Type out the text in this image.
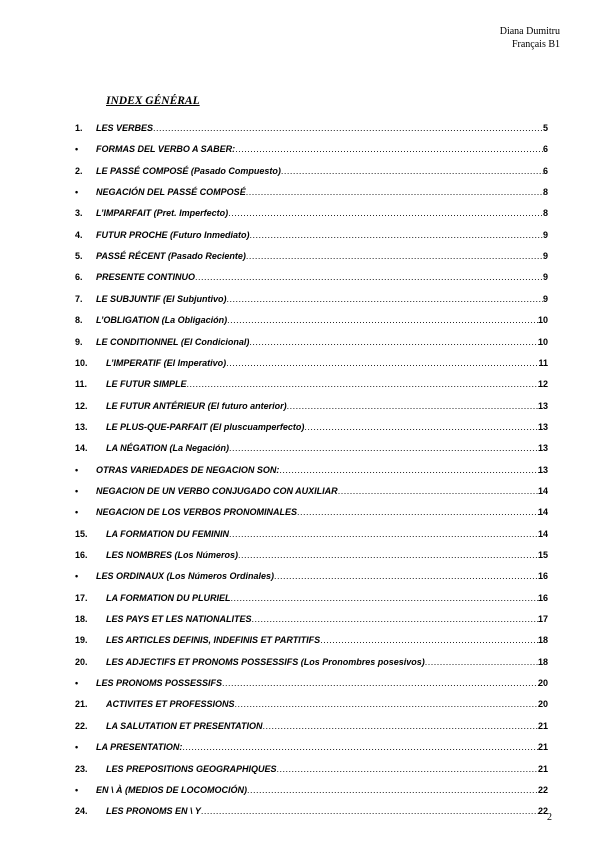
Diana Dumitru
Français B1
INDEX GÉNÉRAL
1. LES VERBES .....	5
• FORMAS DEL VERBO A SABER: .....	6
2. LE PASSÉ COMPOSÉ (Pasado Compuesto) .....	6
• NEGACIÓN DEL PASSÉ COMPOSÉ .....	8
3. L’IMPARFAIT (Pret. Imperfecto) .....	8
4. FUTUR PROCHE (Futuro Inmediato) .....	9
5. PASSÉ RÉCENT (Pasado Reciente) .....	9
6. PRESENTE CONTINUO .....	9
7. LE SUBJUNTIF (El Subjuntivo) .....	9
8. L’OBLIGATION (La Obligación) .....	10
9. LE CONDITIONNEL (El Condicional) .....	10
10. L’IMPERATIF (El Imperativo) .....	11
11. LE FUTUR SIMPLE .....	12
12. LE FUTUR ANTÉRIEUR (El futuro anterior) .....	13
13. LE PLUS-QUE-PARFAIT (El pluscuamperfecto) .....	13
14. LA NÉGATION (La Negación) .....	13
• OTRAS VARIEDADES DE NEGACION SON: .....	13
• NEGACION DE UN VERBO CONJUGADO CON AUXILIAR .....	14
• NEGACION DE LOS VERBOS PRONOMINALES .....	14
15. LA FORMATION DU FEMININ .....	14
16. LES NOMBRES (Los Números) .....	15
• LES ORDINAUX (Los Números Ordinales) .....	16
17. LA FORMATION DU PLURIEL .....	16
18. LES PAYS ET LES NATIONALITES .....	17
19. LES ARTICLES DEFINIS, INDEFINIS ET PARTITIFS .....	18
20. LES ADJECTIFS ET PRONOMS POSSESSIFS (Los Pronombres posesivos) .....	18
• LES PRONOMS POSSESSIFS .....	20
21. ACTIVITES ET PROFESSIONS .....	20
22. LA SALUTATION ET PRESENTATION .....	21
• LA PRESENTATION: .....	21
23. LES PREPOSITIONS GEOGRAPHIQUES .....	21
• EN \ À (MEDIOS DE LOCOMOCIÓN) .....	22
24. LES PRONOMS EN \ Y .....	22
2
